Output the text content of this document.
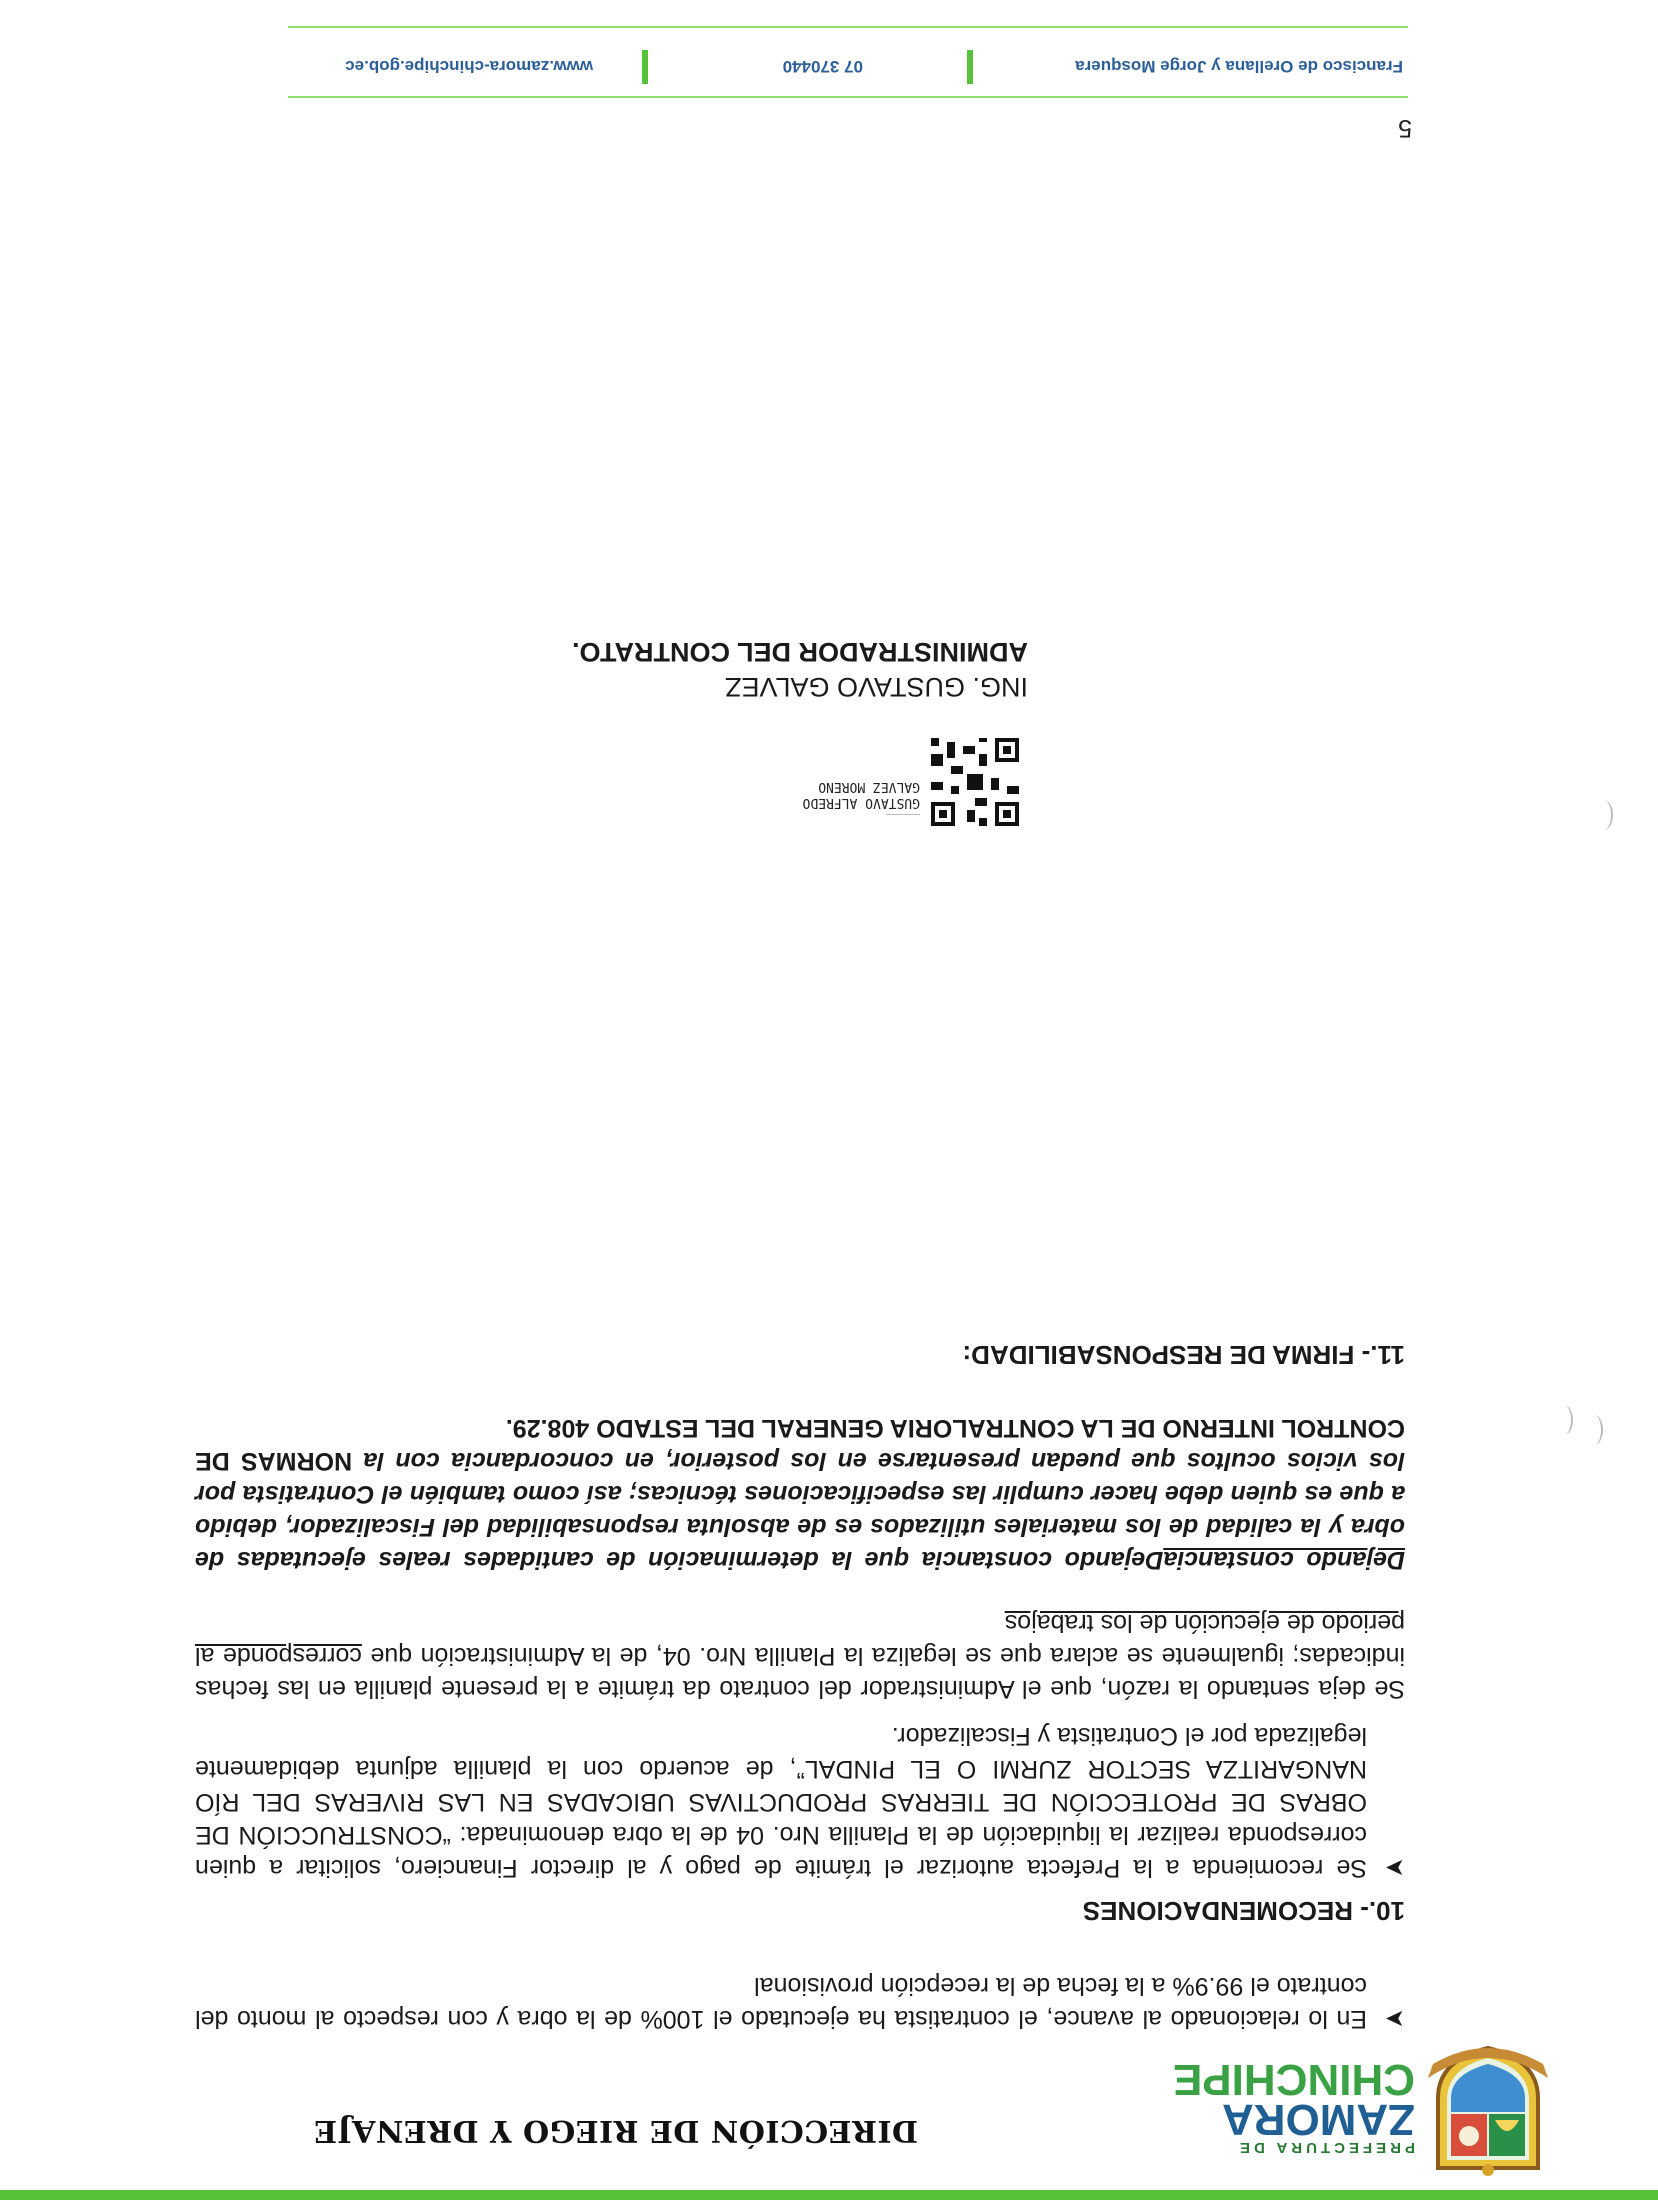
PREFECTURA DE
ZAMORA
CHINCHIPE
DIRECCIÓN DE RIEGO Y DRENAJE
➤
En lo relacionado al avance, el contratista ha ejecutado el 100% de la obra y con respecto al monto del contrato el 99.9% a la fecha de la recepción provisional
10.- RECOMENDACIONES
➤
Se recomienda a la Prefecta autorizar el trámite de pago y al director Financiero, solicitar a quien corresponda realizar la liquidación de la Planilla Nro. 04 de la obra denominada: “CONSTRUCCIÓN DE OBRAS DE PROTECCIÓN DE TIERRAS PRODUCTIVAS UBICADAS EN LAS RIVERAS DEL RÍO NANGARITZA SECTOR ZURMI O EL PINDAL”, de acuerdo con la planilla adjunta debidamente legalizada por el Contratista y Fiscalizador.
Se deja sentando la razón, que el Administrador del contrato da trámite a la presente planilla en las fechas indicadas; igualmente se aclara que se legaliza la Planilla Nro. 04, de la Administración que corresponde al periodo de ejecución de los trabajos
Dejando constanciaDejando constancia que la determinación de cantidades reales ejecutadas de obra y la calidad de los materiales utilizados es de absoluta responsabilidad del Fiscalizador, debido a que es quien debe hacer cumplir las especificaciones técnicas; así como también el Contratista por los vicios ocultos que puedan presentarse en los posterior, en concordancia con la NORMAS DE CONTROL INTERNO DE LA CONTRALORIA GENERAL DEL ESTADO 408.29.
11.- FIRMA DE RESPONSABILIDAD:
————————
GUSTAVO ALFREDO
GALVEZ MORENO
ING. GUSTAVO GALVEZ
ADMINISTRADOR DEL CONTRATO.
5
Francisco de Orellana y Jorge Mosquera
07 370440
www.zamora-chinchipe.gob.ec
